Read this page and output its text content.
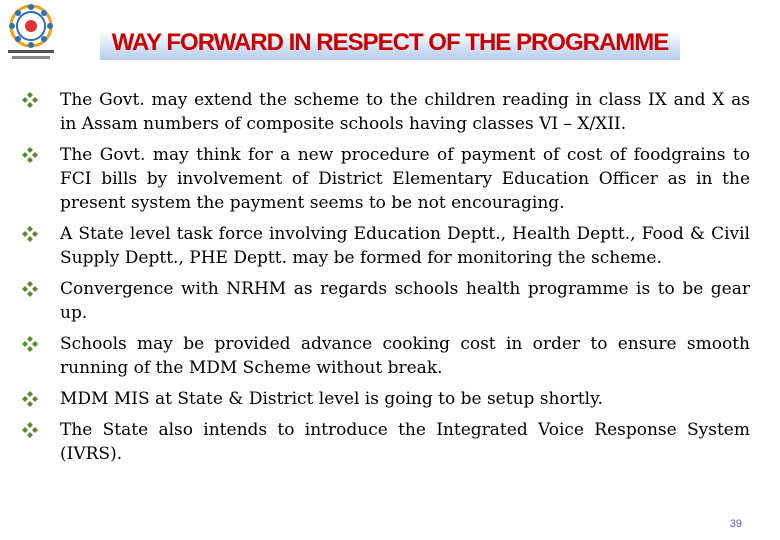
WAY FORWARD IN RESPECT OF THE PROGRAMME
The Govt. may extend the scheme to the children reading in class IX and X as in Assam numbers of composite schools having classes VI – X/XII.
The Govt. may think for a new procedure of payment of cost of foodgrains to FCI bills by involvement of District Elementary Education Officer as in the present system the payment seems to be not encouraging.
A State level task force involving Education Deptt., Health Deptt., Food & Civil Supply Deptt., PHE Deptt. may be formed for monitoring the scheme.
Convergence with NRHM as regards schools health programme is to be gear up.
Schools may be provided advance cooking cost in order to ensure smooth running of the MDM Scheme without break.
MDM MIS at State & District level is going to be setup shortly.
The State also intends to introduce the Integrated Voice Response System (IVRS).
39
